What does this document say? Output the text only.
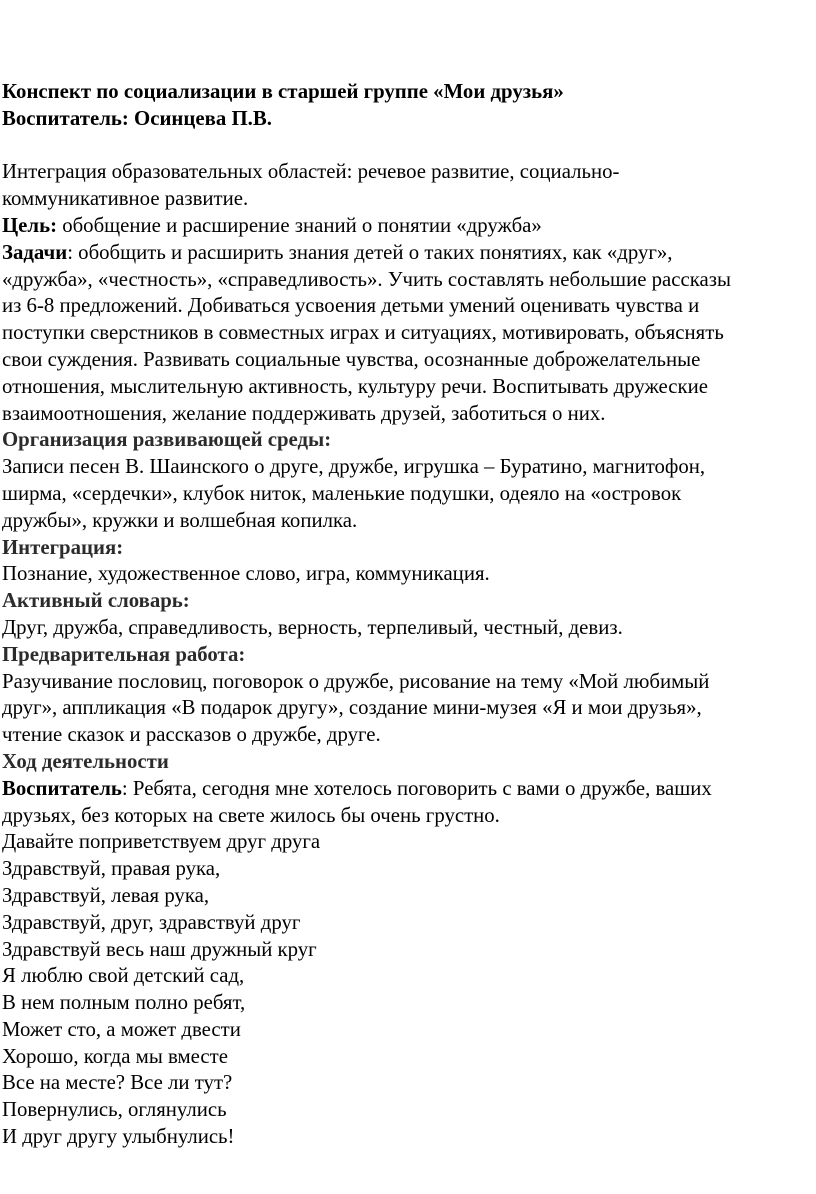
Конспект по социализации в старшей группе «Мои друзья»

Воспитатель: Осинцева П.В.

Интеграция образовательных областей: речевое развитие, социально-

коммуникативное развитие.

Цель: обобщение и расширение знаний о понятии «дружба»

Задачи: обобщить и расширить знания детей о таких понятиях, как «друг»,

«дружба», «честность», «справедливость». Учить составлять небольшие рассказы

из 6-8 предложений. Добиваться усвоения детьми умений оценивать чувства и

поступки сверстников в совместных играх и ситуациях, мотивировать, объяснять

свои суждения. Развивать социальные чувства, осознанные доброжелательные

отношения, мыслительную активность, культуру речи. Воспитывать дружеские

взаимоотношения, желание поддерживать друзей, заботиться о них.

Организация развивающей среды:

Записи песен В. Шаинского о друге, дружбе, игрушка – Буратино, магнитофон,

ширма, «сердечки», клубок ниток, маленькие подушки, одеяло на «островок

дружбы», кружки и волшебная копилка.

Интеграция:

Познание, художественное слово, игра, коммуникация.

Активный словарь:

Друг, дружба, справедливость, верность, терпеливый, честный, девиз.

Предварительная работа:

Разучивание пословиц, поговорок о дружбе, рисование на тему «Мой любимый

друг», аппликация «В подарок другу», создание мини-музея «Я и мои друзья»,

чтение сказок и рассказов о дружбе, друге.

Ход деятельности

Воспитатель: Ребята, сегодня мне хотелось поговорить с вами о дружбе, ваших

друзьях, без которых на свете жилось бы очень грустно.

Давайте поприветствуем друг друга

Здравствуй, правая рука,

Здравствуй, левая рука,

Здравствуй, друг, здравствуй друг

Здравствуй весь наш дружный круг

Я люблю свой детский сад,

В нем полным полно ребят,

Может сто, а может двести

Хорошо, когда мы вместе

Все на месте? Все ли тут?

Повернулись, оглянулись

И друг другу улыбнулись!
